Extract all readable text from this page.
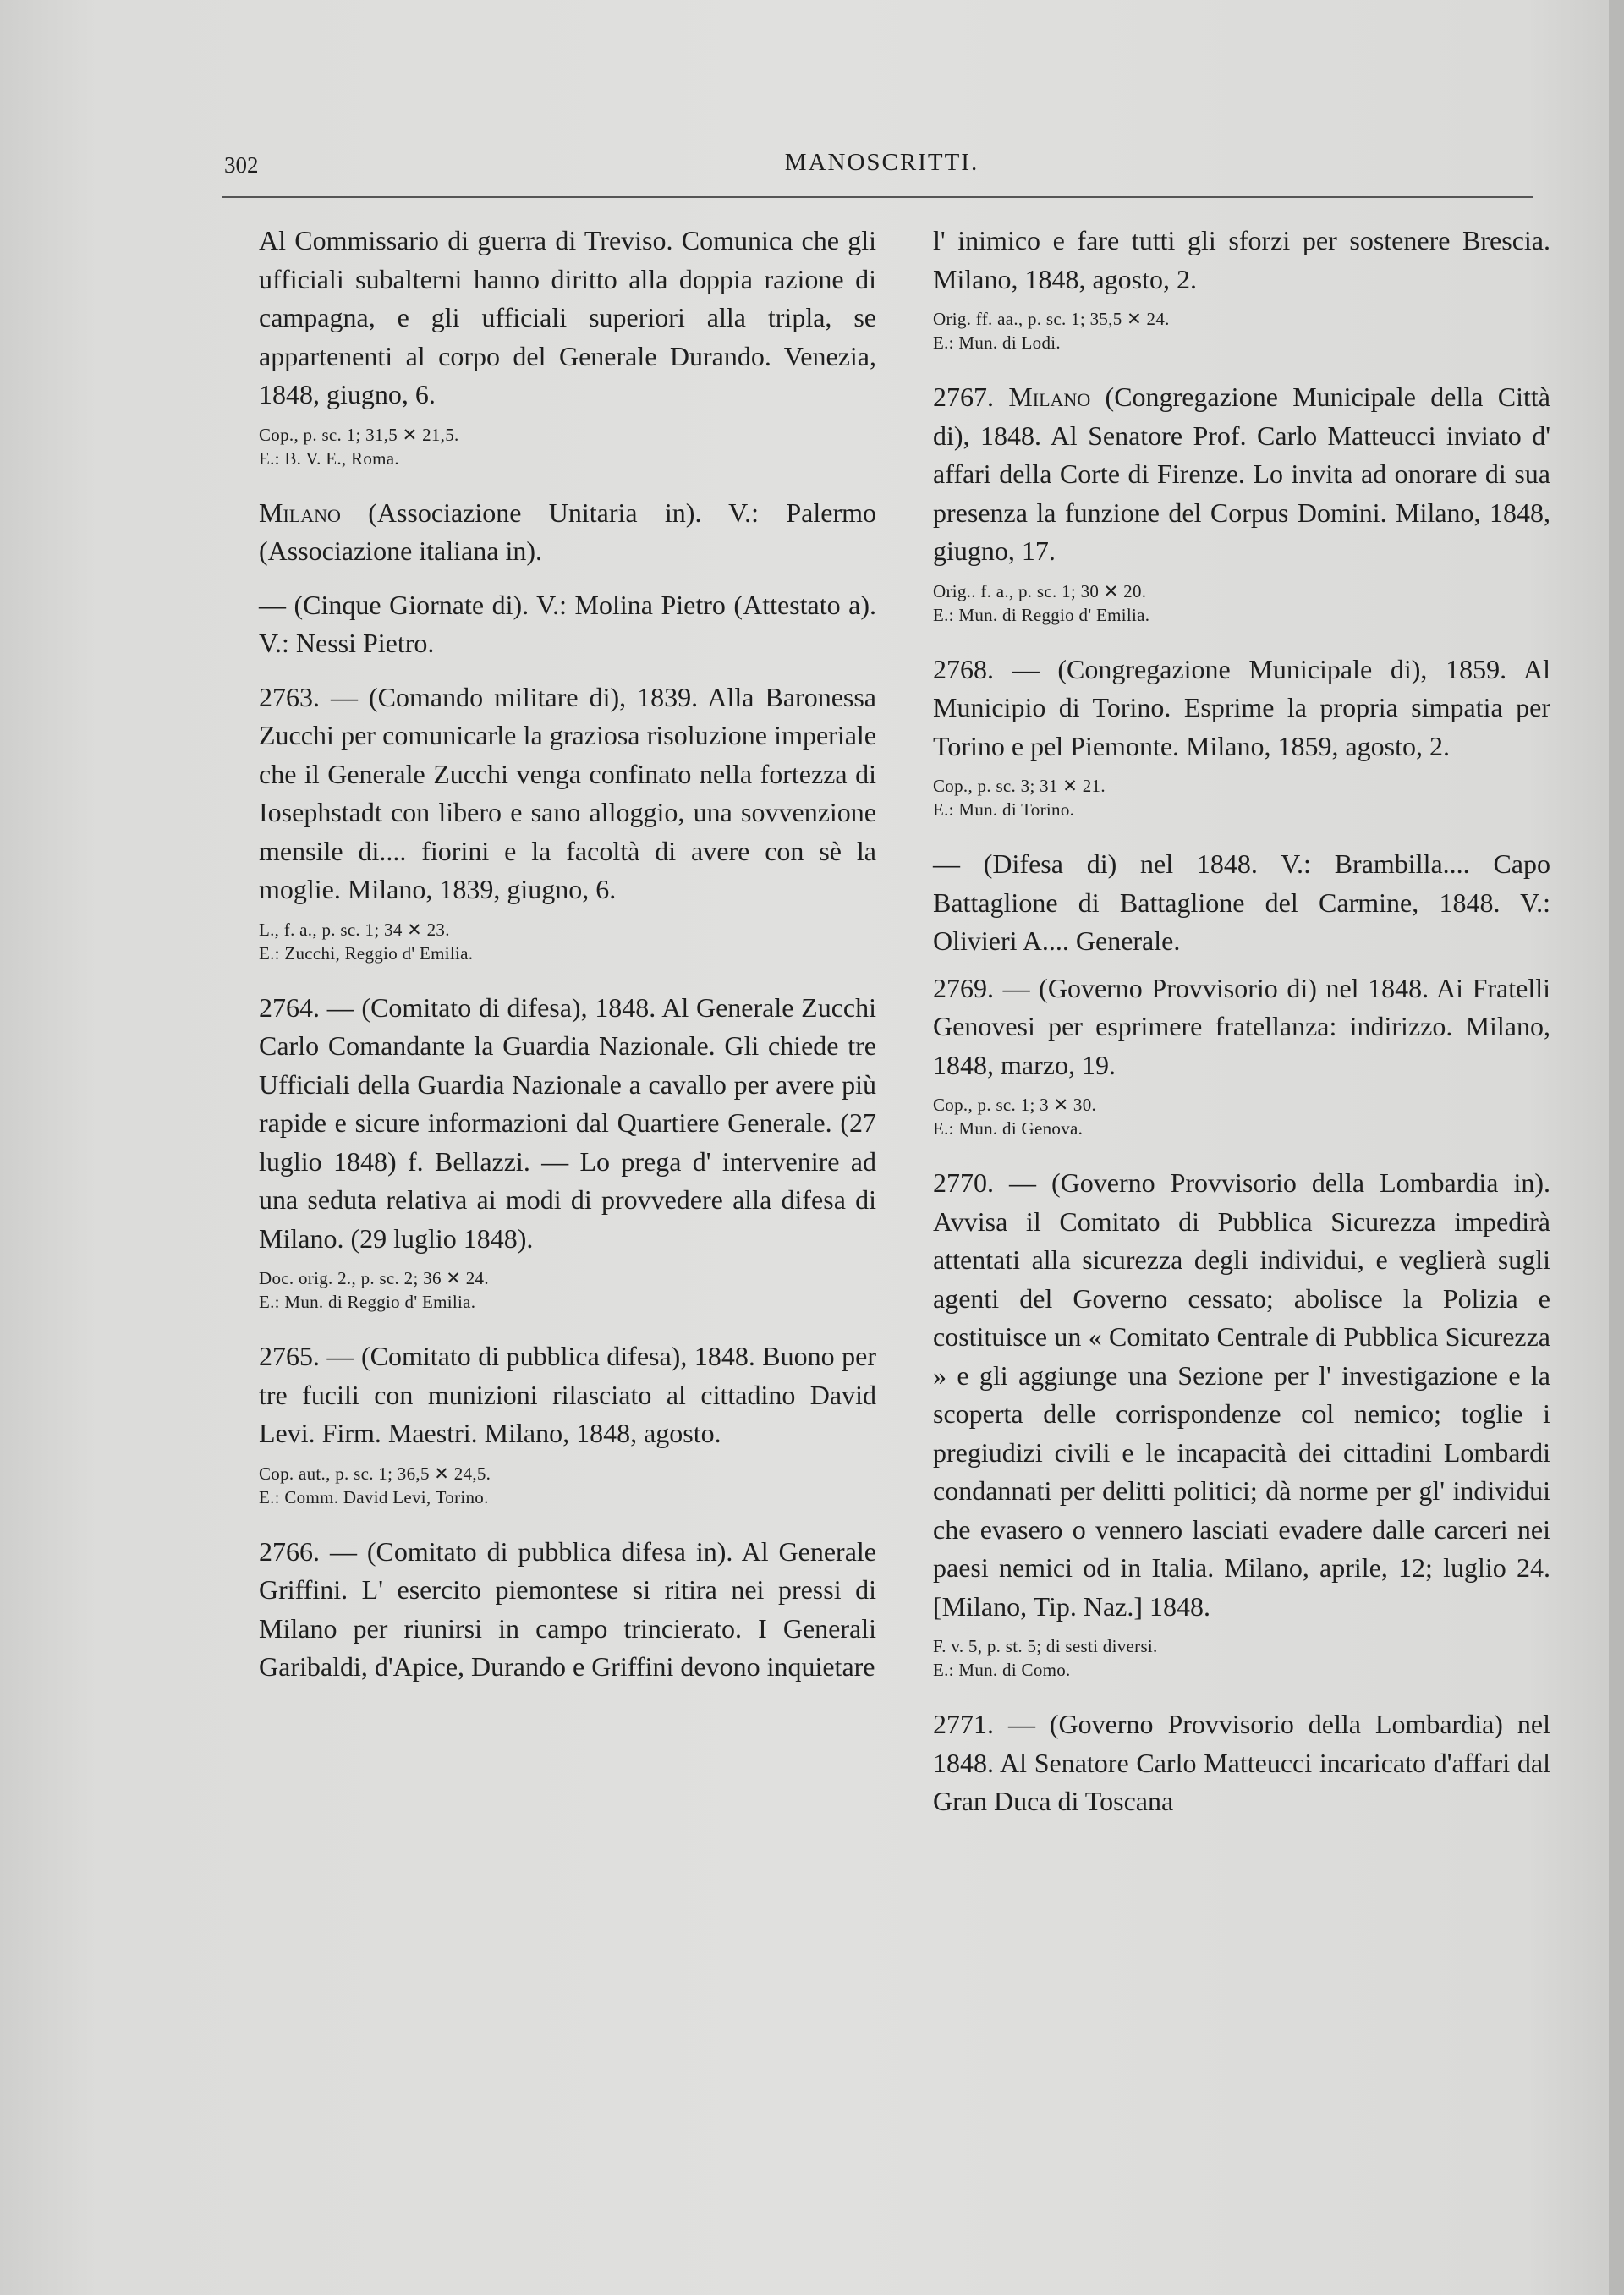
302	MANOSCRITTI.

Al Commissario di guerra di Treviso. Comunica che gli ufficiali subalterni hanno diritto alla doppia razione di campagna, e gli ufficiali superiori alla tripla, se appartenenti al corpo del Generale Durando. Venezia, 1848, giugno, 6.

Cop., p. sc. 1; 31,5 ✕ 21,5.
E.: B. V. E., Roma.

Milano (Associazione Unitaria in). V.: Palermo (Associazione italiana in).

— (Cinque Giornate di). V.: Molina Pietro (Attestato a). V.: Nessi Pietro.

2763. — (Comando militare di), 1839. Alla Baronessa Zucchi per comunicarle la graziosa risoluzione imperiale che il Generale Zucchi venga confinato nella fortezza di Iosephstadt con libero e sano alloggio, una sovvenzione mensile di.... fiorini e la facoltà di avere con sè la moglie. Milano, 1839, giugno, 6.

L., f. a., p. sc. 1; 34 ✕ 23.
E.: Zucchi, Reggio d' Emilia.

2764. — (Comitato di difesa), 1848. Al Generale Zucchi Carlo Comandante la Guardia Nazionale. Gli chiede tre Ufficiali della Guardia Nazionale a cavallo per avere più rapide e sicure informazioni dal Quartiere Generale. (27 luglio 1848) f. Bellazzi. — Lo prega d' intervenire ad una seduta relativa ai modi di provvedere alla difesa di Milano. (29 luglio 1848).

Doc. orig. 2., p. sc. 2; 36 ✕ 24.
E.: Mun. di Reggio d' Emilia.

2765. — (Comitato di pubblica difesa), 1848. Buono per tre fucili con munizioni rilasciato al cittadino David Levi. Firm. Maestri. Milano, 1848, agosto.

Cop. aut., p. sc. 1; 36,5 ✕ 24,5.
E.: Comm. David Levi, Torino.

2766. — (Comitato di pubblica difesa in). Al Generale Griffini. L' esercito piemontese si ritira nei pressi di Milano per riunirsi in campo trincierato. I Generali Garibaldi, d'Apice, Durando e Griffini devono inquietare

l' inimico e fare tutti gli sforzi per sostenere Brescia. Milano, 1848, agosto, 2.

Orig. ff. aa., p. sc. 1; 35,5 ✕ 24.
E.: Mun. di Lodi.

2767. Milano (Congregazione Municipale della Città di), 1848. Al Senatore Prof. Carlo Matteucci inviato d' affari della Corte di Firenze. Lo invita ad onorare di sua presenza la funzione del Corpus Domini. Milano, 1848, giugno, 17.

Orig.. f. a., p. sc. 1; 30 ✕ 20.
E.: Mun. di Reggio d' Emilia.

2768. — (Congregazione Municipale di), 1859. Al Municipio di Torino. Esprime la propria simpatia per Torino e pel Piemonte. Milano, 1859, agosto, 2.

Cop., p. sc. 3; 31 ✕ 21.
E.: Mun. di Torino.

— (Difesa di) nel 1848. V.: Brambilla.... Capo Battaglione di Battaglione del Carmine, 1848. V.: Olivieri A.... Generale.

2769. — (Governo Provvisorio di) nel 1848. Ai Fratelli Genovesi per esprimere fratellanza: indirizzo. Milano, 1848, marzo, 19.

Cop., p. sc. 1; 3 ✕ 30.
E.: Mun. di Genova.

2770. — (Governo Provvisorio della Lombardia in). Avvisa il Comitato di Pubblica Sicurezza impedirà attentati alla sicurezza degli individui, e veglierà sugli agenti del Governo cessato; abolisce la Polizia e costituisce un « Comitato Centrale di Pubblica Sicurezza » e gli aggiunge una Sezione per l' investigazione e la scoperta delle corrispondenze col nemico; toglie i pregiudizi civili e le incapacità dei cittadini Lombardi condannati per delitti politici; dà norme per gl' individui che evasero o vennero lasciati evadere dalle carceri nei paesi nemici od in Italia. Milano, aprile, 12; luglio 24. [Milano, Tip. Naz.] 1848.

F. v. 5, p. st. 5; di sesti diversi.
E.: Mun. di Como.

2771. — (Governo Provvisorio della Lombardia) nel 1848. Al Senatore Carlo Matteucci incaricato d'affari dal Gran Duca di Toscana
